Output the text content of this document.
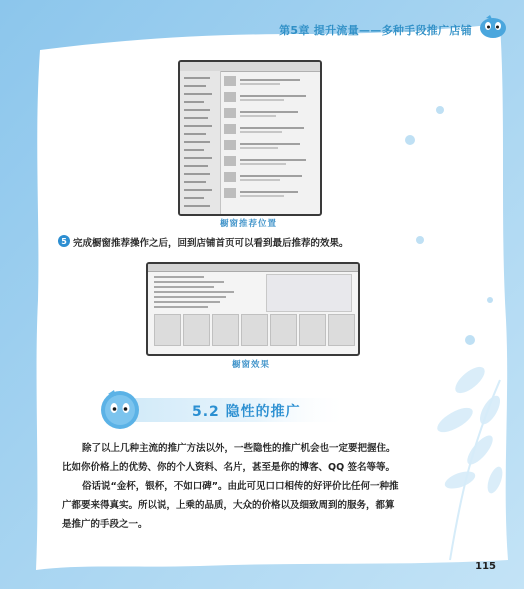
第5章 提升流量——多种手段推广店铺
橱窗推荐位置
5 完成橱窗推荐操作之后，回到店铺首页可以看到最后推荐的效果。
橱窗效果
5.2 隐性的推广
除了以上几种主流的推广方法以外，一些隐性的推广机会也一定要把握住。
比如你价格上的优势、你的个人资料、名片，甚至是你的博客、QQ 签名等等。
俗话说“金杯，银杯，不如口碑”。由此可见口口相传的好评价比任何一种推
广都要来得真实。所以说，上乘的品质，大众的价格以及细致周到的服务，都算
是推广的手段之一。
115
